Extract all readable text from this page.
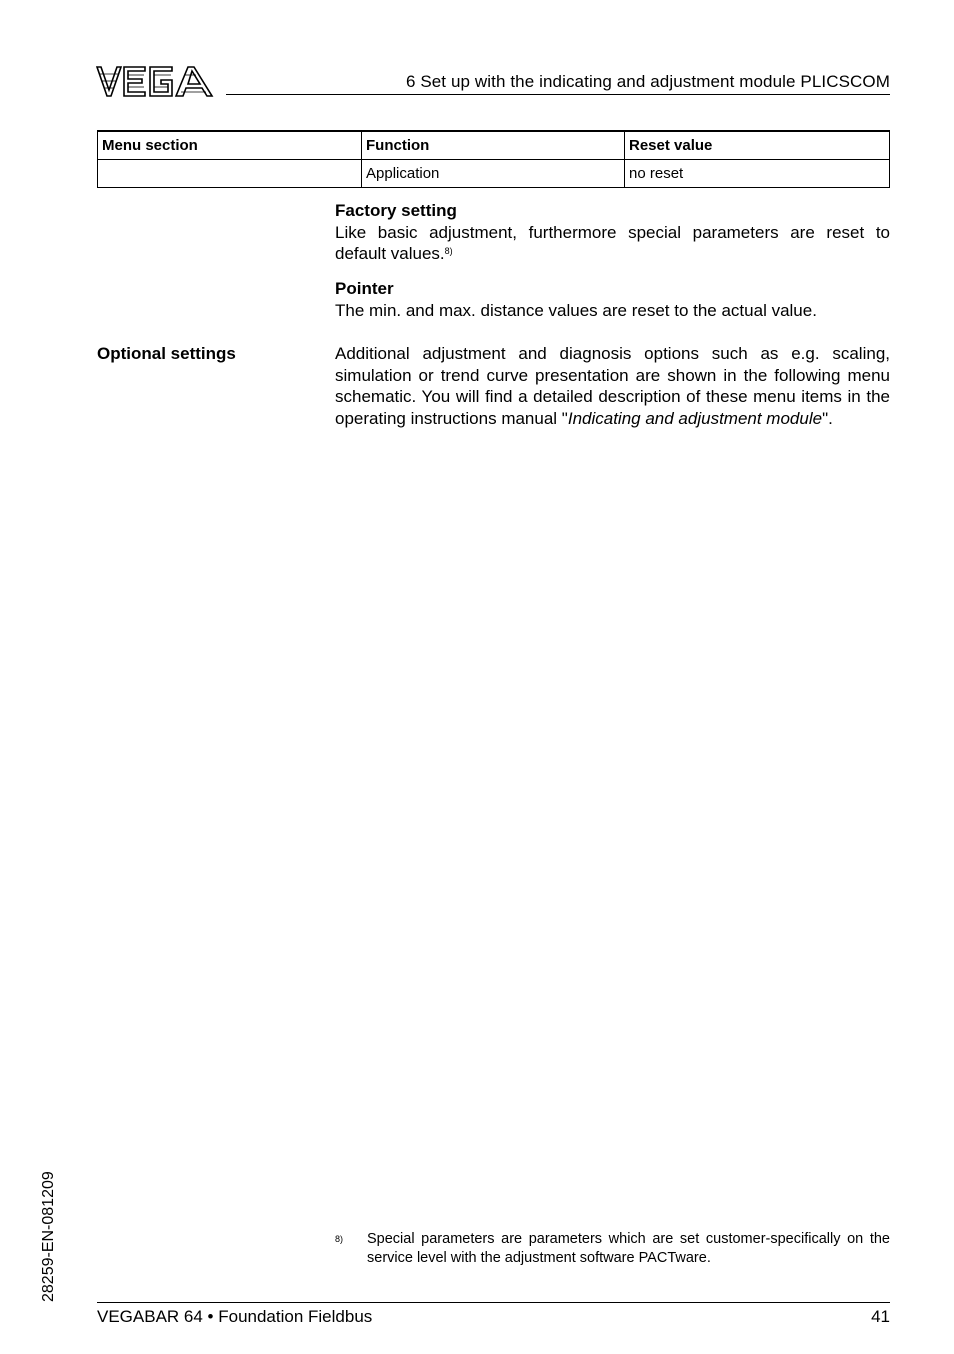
6 Set up with the indicating and adjustment module PLICSCOM
Menu section	Function	Reset value
	Application	no reset
Factory setting
Like basic adjustment, furthermore special parameters are reset to default values.$^{8)}$
Pointer
The min. and max. distance values are reset to the actual value.
Optional settings	Additional adjustment and diagnosis options such as e.g. scaling, simulation or trend curve presentation are shown in the following menu schematic. You will find a detailed description of these menu items in the operating instructions manual "Indicating and adjustment module".
28259-EN-081209	8) Special parameters are parameters which are set customer-specifically on the service level with the adjustment software PACTware.
VEGABAR 64 • Foundation Fieldbus	41
